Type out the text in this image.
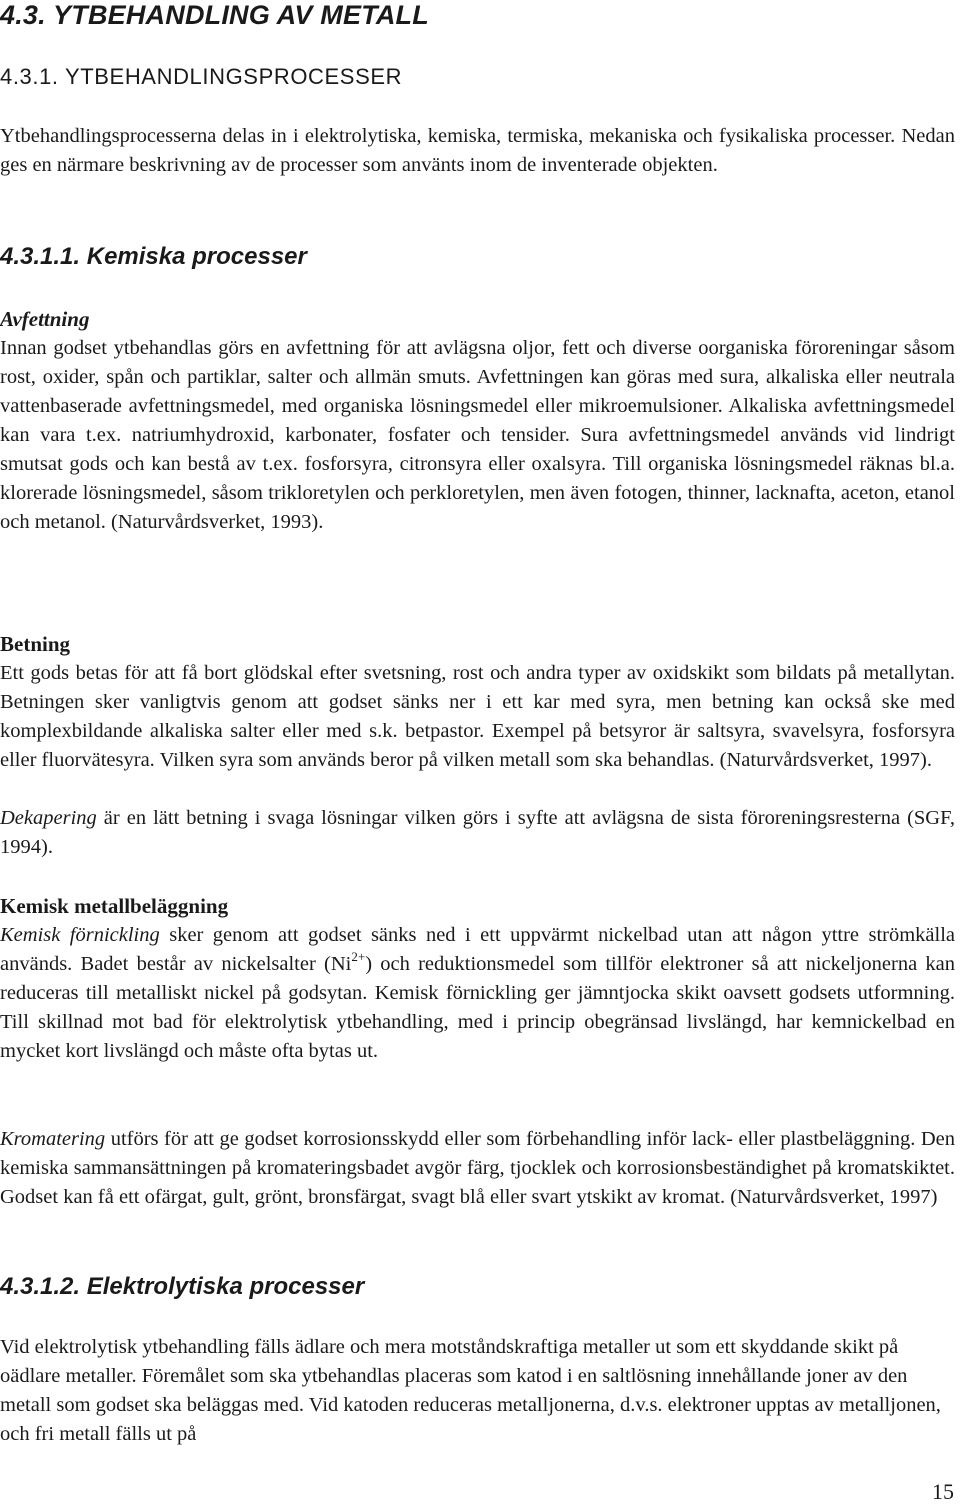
4.3. YTBEHANDLING AV METALL
4.3.1. YTBEHANDLINGSPROCESSER

Ytbehandlingsprocesserna delas in i elektrolytiska, kemiska, termiska, mekaniska och fysikaliska processer. Nedan ges en närmare beskrivning av de processer som använts inom de inventerade objekten.

4.3.1.1. Kemiska processer
Avfettning

Innan godset ytbehandlas görs en avfettning för att avlägsna oljor, fett och diverse oorganiska föroreningar såsom rost, oxider, spån och partiklar, salter och allmän smuts. Avfettningen kan göras med sura, alkaliska eller neutrala vattenbaserade avfettningsmedel, med organiska lösningsmedel eller mikroemulsioner. Alkaliska avfettningsmedel kan vara t.ex. natriumhydroxid, karbonater, fosfater och tensider. Sura avfettningsmedel används vid lindrigt smutsat gods och kan bestå av t.ex. fosforsyra, citronsyra eller oxalsyra. Till organiska lösningsmedel räknas bl.a. klorerade lösningsmedel, såsom trikloretylen och perkloretylen, men även fotogen, thinner, lacknafta, aceton, etanol och metanol. (Naturvårdsverket, 1993).

Betning

Ett gods betas för att få bort glödskal efter svetsning, rost och andra typer av oxidskikt som bildats på metallytan. Betningen sker vanligtvis genom att godset sänks ner i ett kar med syra, men betning kan också ske med komplexbildande alkaliska salter eller med s.k. betpastor. Exempel på betsyror är saltsyra, svavelsyra, fosforsyra eller fluorvätesyra. Vilken syra som används beror på vilken metall som ska behandlas. (Naturvårdsverket, 1997).

Dekapering är en lätt betning i svaga lösningar vilken görs i syfte att avlägsna de sista föroreningsresterna (SGF, 1994).

Kemisk metallbeläggning

Kemisk förnickling sker genom att godset sänks ned i ett uppvärmt nickelbad utan att någon yttre strömkälla används. Badet består av nickelsalter $(Ni^{2+})$ och reduktionsmedel som tillför elektroner så att nickeljonerna kan reduceras till metalliskt nickel på godsytan. Kemisk förnickling ger jämntjocka skikt oavsett godsets utformning. Till skillnad mot bad för elektrolytisk ytbehandling, med i princip obegränsad livslängd, har kemnickelbad en mycket kort livslängd och måste ofta bytas ut.

Kromatering utförs för att ge godset korrosionsskydd eller som förbehandling inför lack- eller plastbeläggning. Den kemiska sammansättningen på kromateringsbadet avgör färg, tjocklek och korrosionsbeständighet på kromatskiktet. Godset kan få ett ofärgat, gult, grönt, bronsfärgat, svagt blå eller svart ytskikt av kromat. (Naturvårdsverket, 1997)

4.3.1.2. Elektrolytiska processer

Vid elektrolytisk ytbehandling fälls ädlare och mera motståndskraftiga metaller ut som ett skyddande skikt på oädlare metaller. Föremålet som ska ytbehandlas placeras som katod i en saltlösning innehållande joner av den metall som godset ska beläggas med. Vid katoden reduceras metalljonerna, d.v.s. elektroner upptas av metalljonen, och fri metall fälls ut på

15
